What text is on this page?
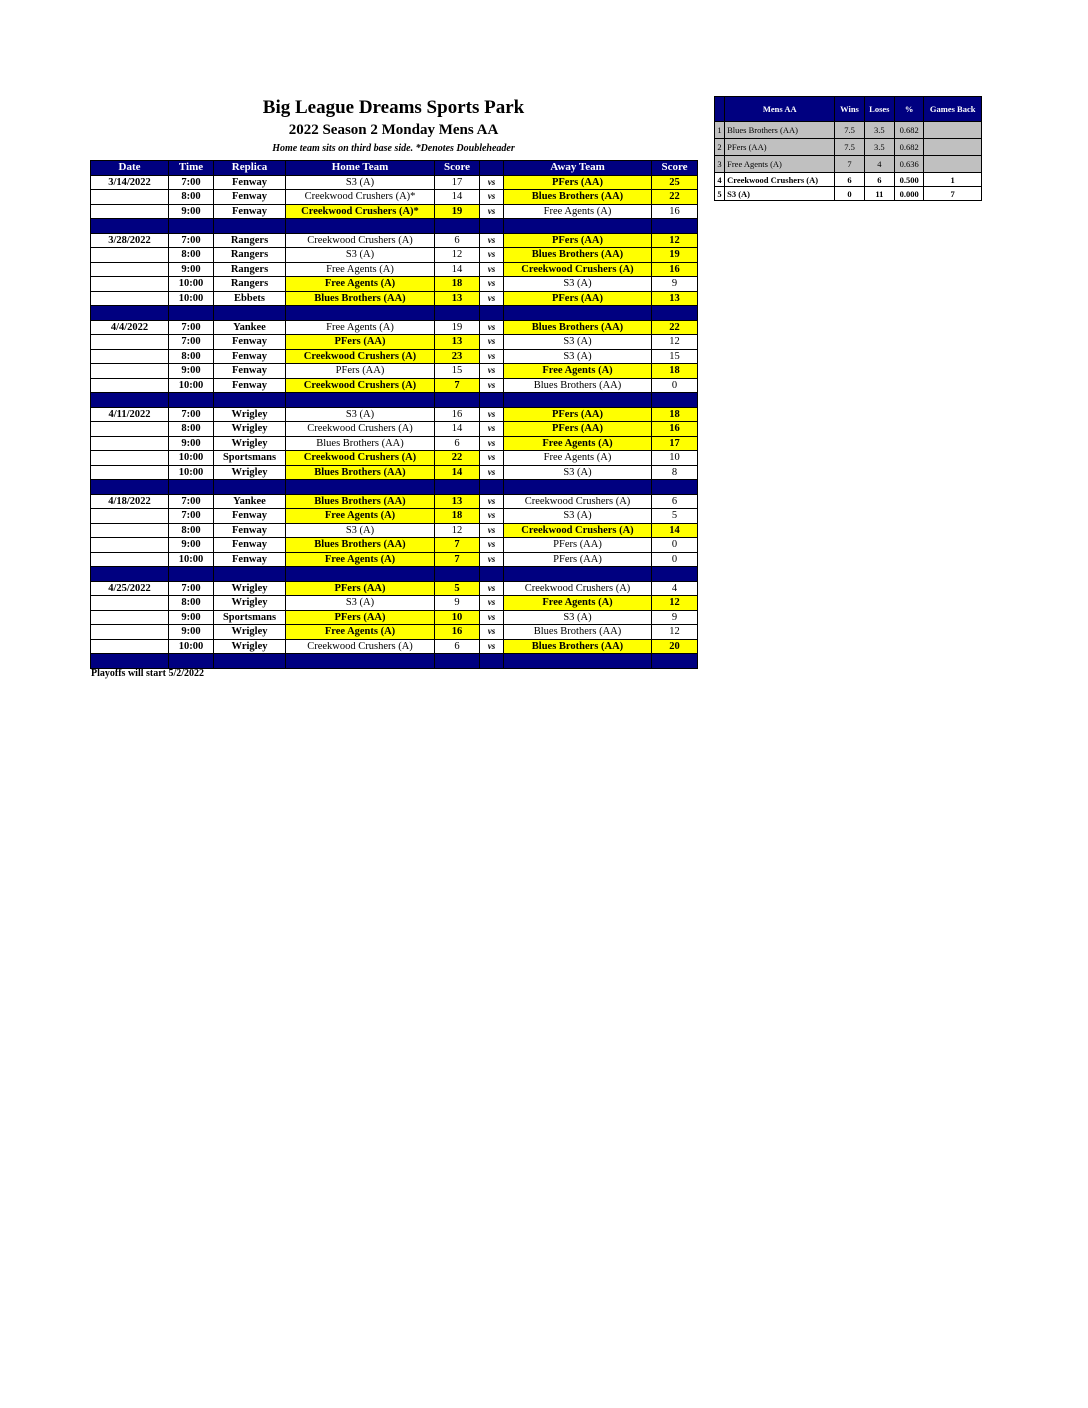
Big League Dreams Sports Park
2022 Season 2 Monday Mens AA
Home team sits on third base side. *Denotes Doubleheader
Date	Time	Replica	Home Team	Score		Away Team	Score
3/14/2022	7:00	Fenway	S3 (A)	17	vs	PFers (AA)	25
	8:00	Fenway	Creekwood Crushers (A)*	14	vs	Blues Brothers (AA)	22
	9:00	Fenway	Creekwood Crushers (A)*	19	vs	Free Agents (A)	16

3/28/2022	7:00	Rangers	Creekwood Crushers (A)	6	vs	PFers (AA)	12
	8:00	Rangers	S3 (A)	12	vs	Blues Brothers (AA)	19
	9:00	Rangers	Free Agents (A)	14	vs	Creekwood Crushers (A)	16
	10:00	Rangers	Free Agents (A)	18	vs	S3 (A)	9
	10:00	Ebbets	Blues Brothers (AA)	13	vs	PFers (AA)	13

4/4/2022	7:00	Yankee	Free Agents (A)	19	vs	Blues Brothers (AA)	22
	7:00	Fenway	PFers (AA)	13	vs	S3 (A)	12
	8:00	Fenway	Creekwood Crushers (A)	23	vs	S3 (A)	15
	9:00	Fenway	PFers (AA)	15	vs	Free Agents (A)	18
	10:00	Fenway	Creekwood Crushers (A)	7	vs	Blues Brothers (AA)	0

4/11/2022	7:00	Wrigley	S3 (A)	16	vs	PFers (AA)	18
	8:00	Wrigley	Creekwood Crushers (A)	14	vs	PFers (AA)	16
	9:00	Wrigley	Blues Brothers (AA)	6	vs	Free Agents (A)	17
	10:00	Sportsmans	Creekwood Crushers (A)	22	vs	Free Agents (A)	10
	10:00	Wrigley	Blues Brothers (AA)	14	vs	S3 (A)	8

4/18/2022	7:00	Yankee	Blues Brothers (AA)	13	vs	Creekwood Crushers (A)	6
	7:00	Fenway	Free Agents (A)	18	vs	S3 (A)	5
	8:00	Fenway	S3 (A)	12	vs	Creekwood Crushers (A)	14
	9:00	Fenway	Blues Brothers (AA)	7	vs	PFers (AA)	0
	10:00	Fenway	Free Agents (A)	7	vs	PFers (AA)	0

4/25/2022	7:00	Wrigley	PFers (AA)	5	vs	Creekwood Crushers (A)	4
	8:00	Wrigley	S3 (A)	9	vs	Free Agents (A)	12
	9:00	Sportsmans	PFers (AA)	10	vs	S3 (A)	9
	9:00	Wrigley	Free Agents (A)	16	vs	Blues Brothers (AA)	12
	10:00	Wrigley	Creekwood Crushers (A)	6	vs	Blues Brothers (AA)	20

	Mens AA	Wins	Loses	%	Games Back
1	Blues Brothers (AA)	7.5	3.5	0.682	
2	PFers (AA)	7.5	3.5	0.682	
3	Free Agents (A)	7	4	0.636	
4	Creekwood Crushers (A)	6	6	0.500	1
5	S3 (A)	0	11	0.000	7
Playoffs will start 5/2/2022
